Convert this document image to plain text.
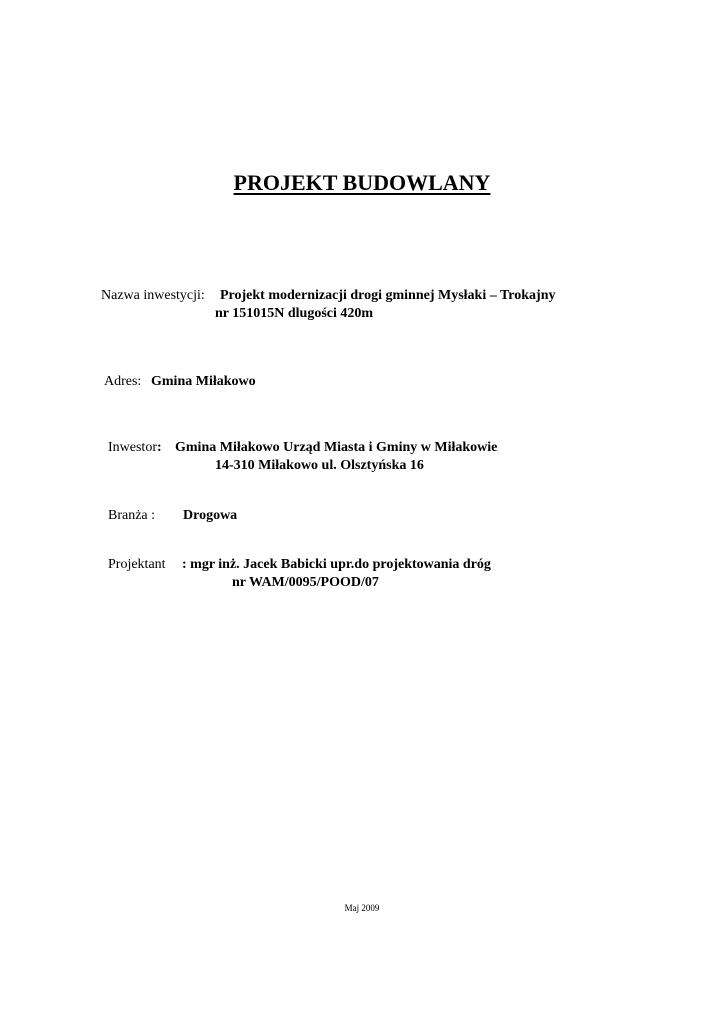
PROJEKT BUDOWLANY
Nazwa inwestycji: Projekt modernizacji drogi gminnej Mysłaki – Trokajny
nr 151015N dlugości 420m
Adres: Gmina Miłakowo
Inwestor: Gmina Miłakowo Urząd Miasta i Gminy w Miłakowie
14-310 Miłakowo ul. Olsztyńska 16
Branża : Drogowa
Projektant : mgr inż. Jacek Babicki upr.do projektowania dróg
nr WAM/0095/POOD/07
Maj 2009
